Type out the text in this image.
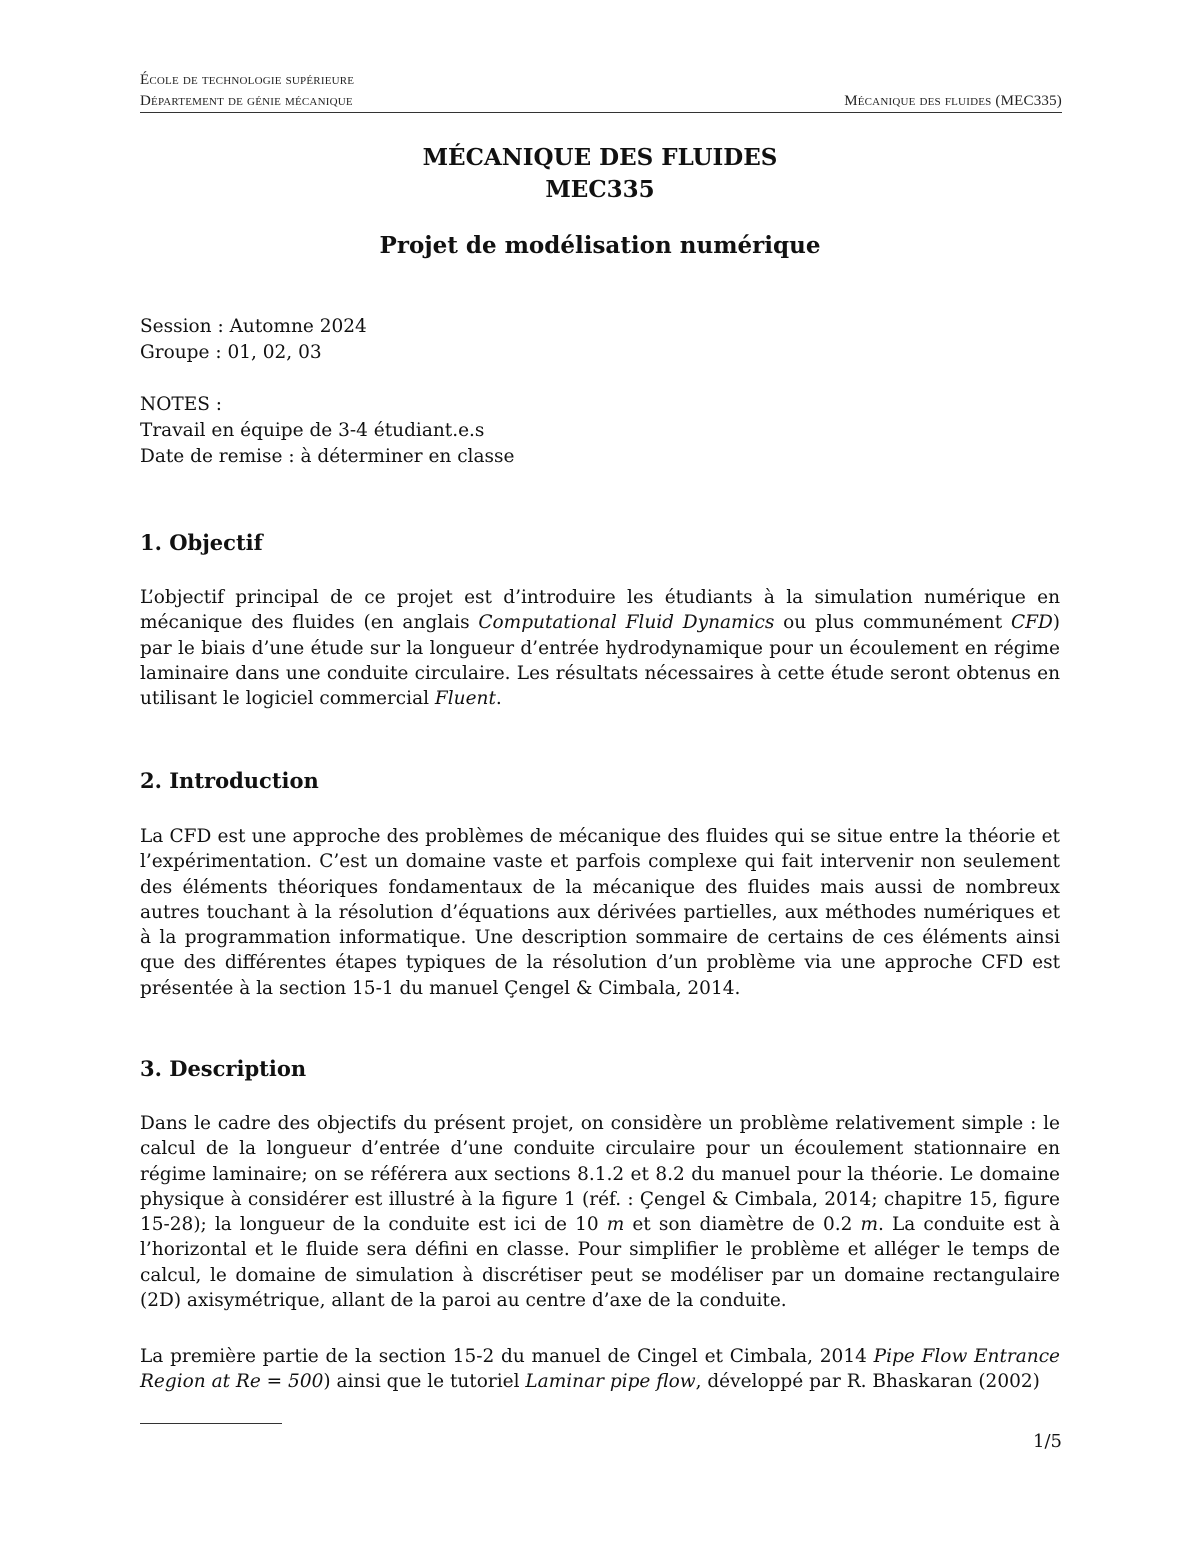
École de technologie supérieure
Département de génie mécanique	Mécanique des fluides (MEC335)
MÉCANIQUE DES FLUIDES
MEC335
Projet de modélisation numérique
Session : Automne 2024
Groupe : 01, 02, 03
NOTES :
Travail en équipe de 3-4 étudiant.e.s
Date de remise : à déterminer en classe
1. Objectif
L’objectif principal de ce projet est d’introduire les étudiants à la simulation numérique en mécanique des fluides (en anglais Computational Fluid Dynamics ou plus communément CFD) par le biais d’une étude sur la longueur d’entrée hydrodynamique pour un écoulement en régime laminaire dans une conduite circulaire. Les résultats nécessaires à cette étude seront obtenus en utilisant le logiciel commercial Fluent.
2. Introduction
La CFD est une approche des problèmes de mécanique des fluides qui se situe entre la théorie et l’expérimentation. C’est un domaine vaste et parfois complexe qui fait intervenir non seulement des éléments théoriques fondamentaux de la mécanique des fluides mais aussi de nombreux autres touchant à la résolution d’équations aux dérivées partielles, aux méthodes numériques et à la programmation informatique. Une description sommaire de certains de ces éléments ainsi que des différentes étapes typiques de la résolution d’un problème via une approche CFD est présentée à la section 15-1 du manuel Çengel & Cimbala, 2014.
3. Description
Dans le cadre des objectifs du présent projet, on considère un problème relativement simple : le calcul de la longueur d’entrée d’une conduite circulaire pour un écoulement stationnaire en régime laminaire; on se référera aux sections 8.1.2 et 8.2 du manuel pour la théorie. Le domaine physique à considérer est illustré à la figure 1 (réf. : Çengel & Cimbala, 2014; chapitre 15, figure 15-28); la longueur de la conduite est ici de 10 m et son diamètre de 0.2 m. La conduite est à l’horizontal et le fluide sera défini en classe. Pour simplifier le problème et alléger le temps de calcul, le domaine de simulation à discrétiser peut se modéliser par un domaine rectangulaire (2D) axisymétrique, allant de la paroi au centre d’axe de la conduite.
La première partie de la section 15-2 du manuel de Cingel et Cimbala, 2014 Pipe Flow Entrance Region at Re = 500) ainsi que le tutoriel Laminar pipe flow, développé par R. Bhaskaran (2002)
1/5
